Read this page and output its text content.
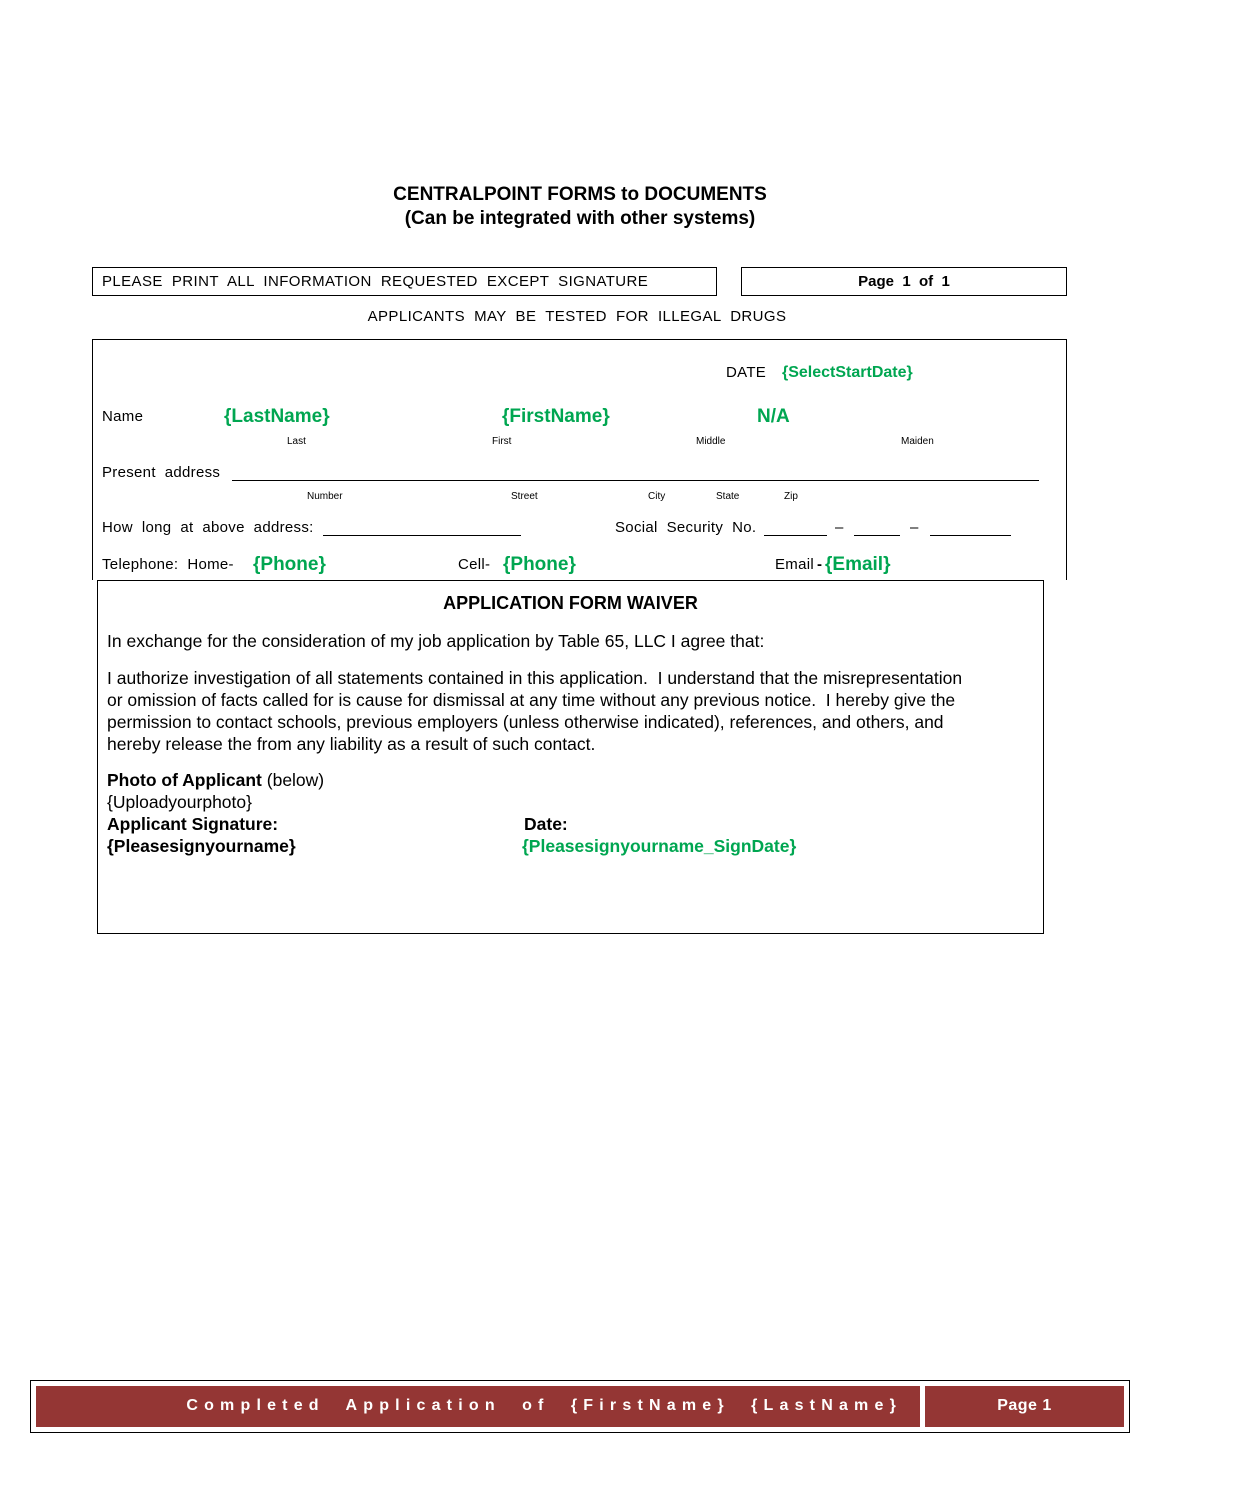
CENTRALPOINT FORMS to DOCUMENTS
(Can be integrated with other systems)
PLEASE  PRINT  ALL  INFORMATION  REQUESTED  EXCEPT  SIGNATURE	Page  1  of  1
APPLICANTS  MAY  BE  TESTED  FOR  ILLEGAL  DRUGS
DATE {SelectStartDate}
Name	{LastName}	{FirstName}	N/A
Last	First	Middle	Maiden
Present  address
Number	Street	City	State	Zip
How  long  at  above  address:	Social  Security  No.	–	–
Telephone:  Home- {Phone}	Cell- {Phone}	Email - {Email}
APPLICATION FORM WAIVER
In exchange for the consideration of my job application by Table 65, LLC I agree that:
I authorize investigation of all statements contained in this application.  I understand that the misrepresentation
or omission of facts called for is cause for dismissal at any time without any previous notice.  I hereby give the
permission to contact schools, previous employers (unless otherwise indicated), references, and others, and
hereby release the from any liability as a result of such contact.
Photo of Applicant (below)
{Uploadyourphoto}
Applicant Signature:
{Pleasesignyourname}
Date:
{Pleasesignyourname_SignDate}
Completed  Application  of  {FirstName}  {LastName}	Page 1
